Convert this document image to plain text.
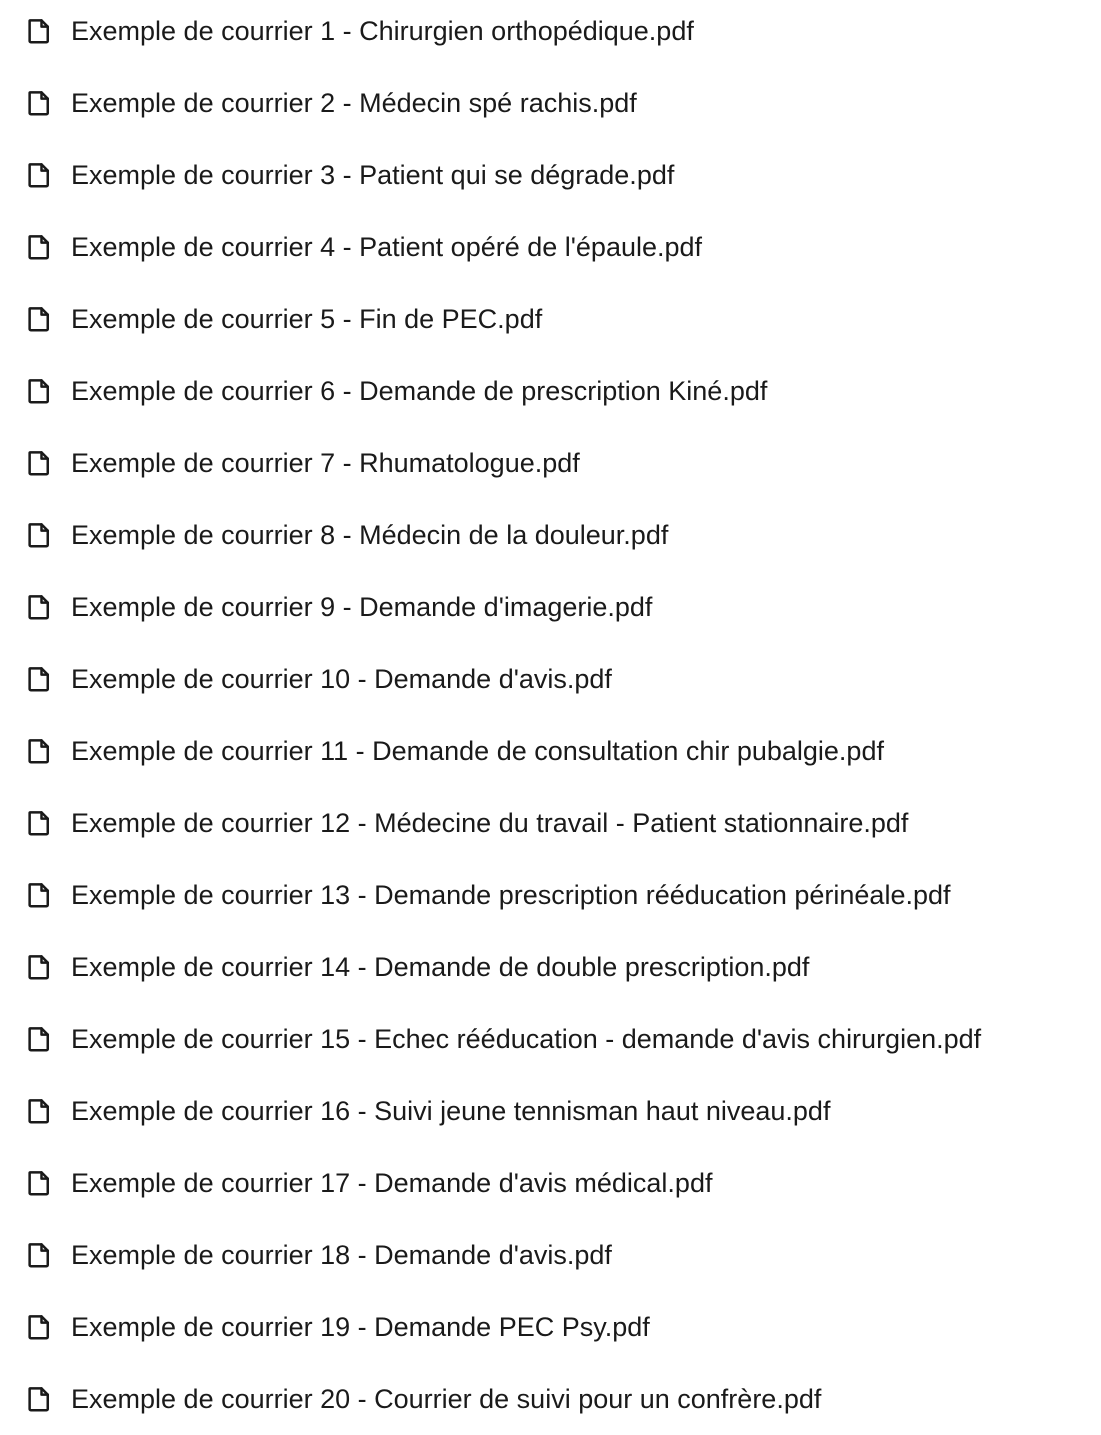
Exemple de courrier 1 - Chirurgien orthopédique.pdf
Exemple de courrier 2 - Médecin spé rachis.pdf
Exemple de courrier 3 - Patient qui se dégrade.pdf
Exemple de courrier 4 - Patient opéré de l'épaule.pdf
Exemple de courrier 5 - Fin de PEC.pdf
Exemple de courrier 6 - Demande de prescription Kiné.pdf
Exemple de courrier 7 - Rhumatologue.pdf
Exemple de courrier 8 - Médecin de la douleur.pdf
Exemple de courrier 9 - Demande d'imagerie.pdf
Exemple de courrier 10 - Demande d'avis.pdf
Exemple de courrier 11 - Demande de consultation chir pubalgie.pdf
Exemple de courrier 12 - Médecine du travail - Patient stationnaire.pdf
Exemple de courrier 13 - Demande prescription rééducation périnéale.pdf
Exemple de courrier 14 - Demande de double prescription.pdf
Exemple de courrier 15 - Echec rééducation - demande d'avis chirurgien.pdf
Exemple de courrier 16 - Suivi jeune tennisman haut niveau.pdf
Exemple de courrier 17 - Demande d'avis médical.pdf
Exemple de courrier 18 - Demande d'avis.pdf
Exemple de courrier 19 - Demande PEC Psy.pdf
Exemple de courrier 20 - Courrier de suivi pour un confrère.pdf
